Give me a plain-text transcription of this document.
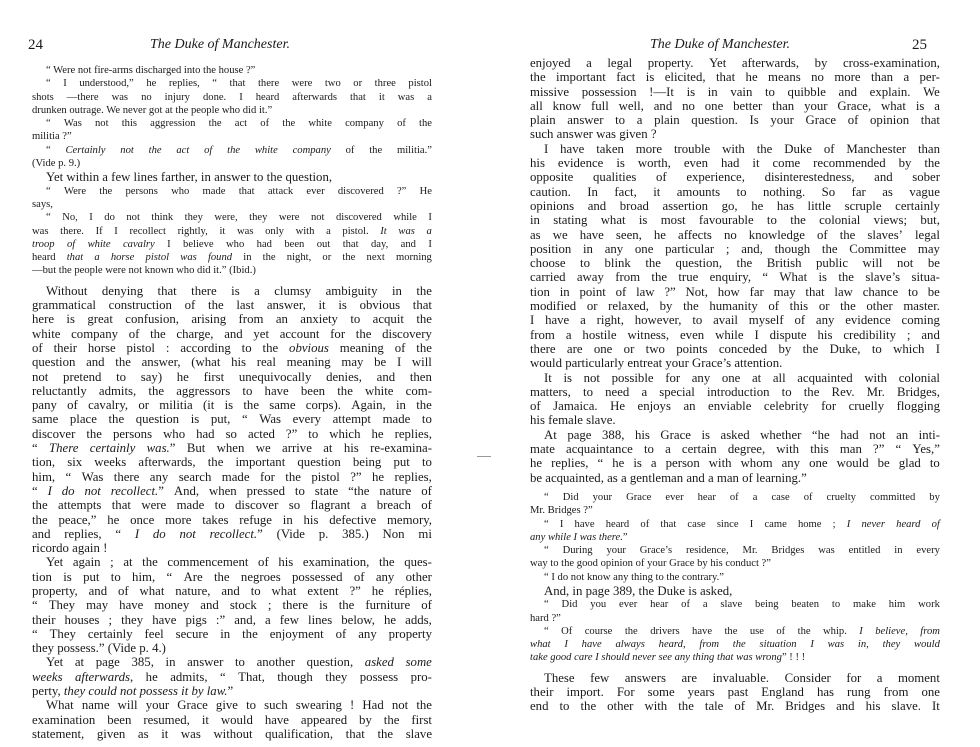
24	The Duke of Manchester.
“ Were not fire-arms discharged into the house ?”
“ I understood,” he replies, “ that there were two or three pistol
shots —there was no injury done. I heard afterwards that it was a
drunken outrage. We never got at the people who did it.”
“ Was not this aggression the act of the white company of the
militia ?”
“ Certainly not the act of the white company of the militia.”
(Vide p. 9.)
Yet within a few lines farther, in answer to the question,
“ Were the persons who made that attack ever discovered ?” He
says,
“ No, I do not think they were, they were not discovered while I
was there. If I recollect rightly, it was only with a pistol. It was a
troop of white cavalry I believe who had been out that day, and I
heard that a horse pistol was found in the night, or the next morning
—but the people were not known who did it.” (Ibid.)
Without denying that there is a clumsy ambiguity in the
grammatical construction of the last answer, it is obvious that
here is great confusion, arising from an anxiety to acquit the
white company of the charge, and yet account for the discovery
of their horse pistol : according to the obvious meaning of the
question and the answer, (what his real meaning may be I will
not pretend to say) he first unequivocally denies, and then
reluctantly admits, the aggressors to have been the white com-
pany of cavalry, or militia (it is the same corps). Again, in the
same place the question is put, “ Was every attempt made to
discover the persons who had so acted ?” to which he replies,
“ There certainly was.” But when we arrive at his re-examina-
tion, six weeks afterwards, the important question being put to
him, “ Was there any search made for the pistol ?” he replies,
“ I do not recollect.” And, when pressed to state “the nature of
the attempts that were made to discover so flagrant a breach of
the peace,” he once more takes refuge in his defective memory,
and replies, “ I do not recollect.” (Vide p. 385.) Non mi
ricordo again !
Yet again ; at the commencement of his examination, the ques-
tion is put to him, “ Are the negroes possessed of any other
property, and of what nature, and to what extent ?” he réplies,
“ They may have money and stock ; there is the furniture of
their houses ; they have pigs :” and, a few lines below, he adds,
“ They certainly feel secure in the enjoyment of any property
they possess.” (Vide p. 4.)
Yet at page 385, in answer to another question, asked some
weeks afterwards, he admits, “ That, though they possess pro-
perty, they could not possess it by law.”
What name will your Grace give to such swearing ! Had not the
examination been resumed, it would have appeared by the first
statement, given as it was without qualification, that the slave
The Duke of Manchester.	25
enjoyed a legal property. Yet afterwards, by cross-examination,
the important fact is elicited, that he means no more than a per-
missive possession !—It is in vain to quibble and explain. We
all know full well, and no one better than your Grace, what is a
plain answer to a plain question. Is your Grace of opinion that
such answer was given ?
I have taken more trouble with the Duke of Manchester than
his evidence is worth, even had it come recommended by the
opposite qualities of experience, disinterestedness, and sober
caution. In fact, it amounts to nothing. So far as vague
opinions and broad assertion go, he has little scruple certainly
in stating what is most favourable to the colonial views; but,
as we have seen, he affects no knowledge of the slaves’ legal
position in any one particular ; and, though the Committee may
choose to blink the question, the British public will not be
carried away from the true enquiry, “ What is the slave’s situa-
tion in point of law ?” Not, how far may that law chance to be
modified or relaxed, by the humanity of this or the other master.
I have a right, however, to avail myself of any evidence coming
from a hostile witness, even while I dispute his credibility ; and
there are one or two points conceded by the Duke, to which I
would particularly entreat your Grace’s attention.
It is not possible for any one at all acquainted with colonial
matters, to need a special introduction to the Rev. Mr. Bridges,
of Jamaica. He enjoys an enviable celebrity for cruelly flogging
his female slave.
At page 388, his Grace is asked whether “he had not an inti-
mate acquaintance to a certain degree, with this man ?” “ Yes,”
he replies, “ he is a person with whom any one would be glad to
be acquainted, as a gentleman and a man of learning.”
“ Did your Grace ever hear of a case of cruelty committed by
Mr. Bridges ?”
“ I have heard of that case since I came home ; I never heard of
any while I was there.”
“ During your Grace’s residence, Mr. Bridges was entitled in every
way to the good opinion of your Grace by his conduct ?”
“ I do not know any thing to the contrary.”
And, in page 389, the Duke is asked,
“ Did you ever hear of a slave being beaten to make him work
hard ?”
“ Of course the drivers have the use of the whip. I believe, from
what I have always heard, from the situation I was in, they would
take good care I should never see any thing that was wrong” ! ! !
These few answers are invaluable. Consider for a moment
their import. For some years past England has rung from one
end to the other with the tale of Mr. Bridges and his slave. It
